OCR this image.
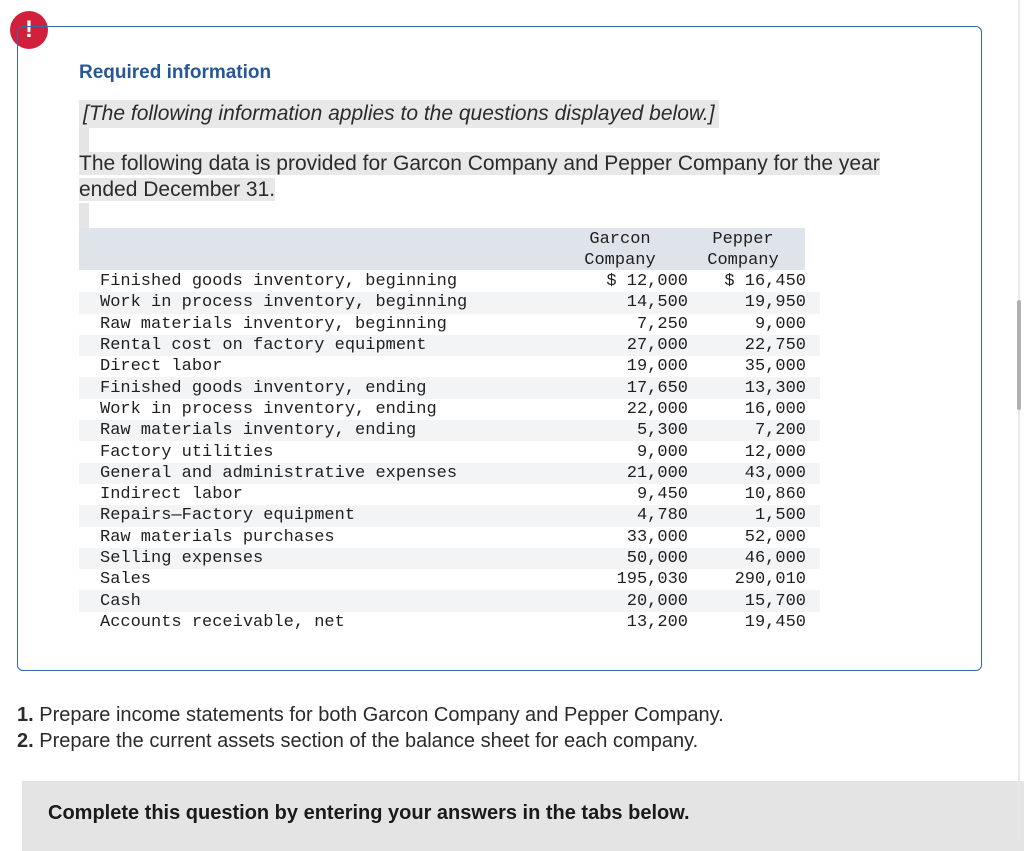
!
Required information
[The following information applies to the questions displayed below.]
The following data is provided for Garcon Company and Pepper Company for the year ended December 31.
Garcon
Company
Pepper
Company
Finished goods inventory, beginning	$ 12,000	$ 16,450
Work in process inventory, beginning	14,500	19,950
Raw materials inventory, beginning	7,250	9,000
Rental cost on factory equipment	27,000	22,750
Direct labor	19,000	35,000
Finished goods inventory, ending	17,650	13,300
Work in process inventory, ending	22,000	16,000
Raw materials inventory, ending	5,300	7,200
Factory utilities	9,000	12,000
General and administrative expenses	21,000	43,000
Indirect labor	9,450	10,860
Repairs—Factory equipment	4,780	1,500
Raw materials purchases	33,000	52,000
Selling expenses	50,000	46,000
Sales	195,030	290,010
Cash	20,000	15,700
Accounts receivable, net	13,200	19,450
1. Prepare income statements for both Garcon Company and Pepper Company.
2. Prepare the current assets section of the balance sheet for each company.
Complete this question by entering your answers in the tabs below.
